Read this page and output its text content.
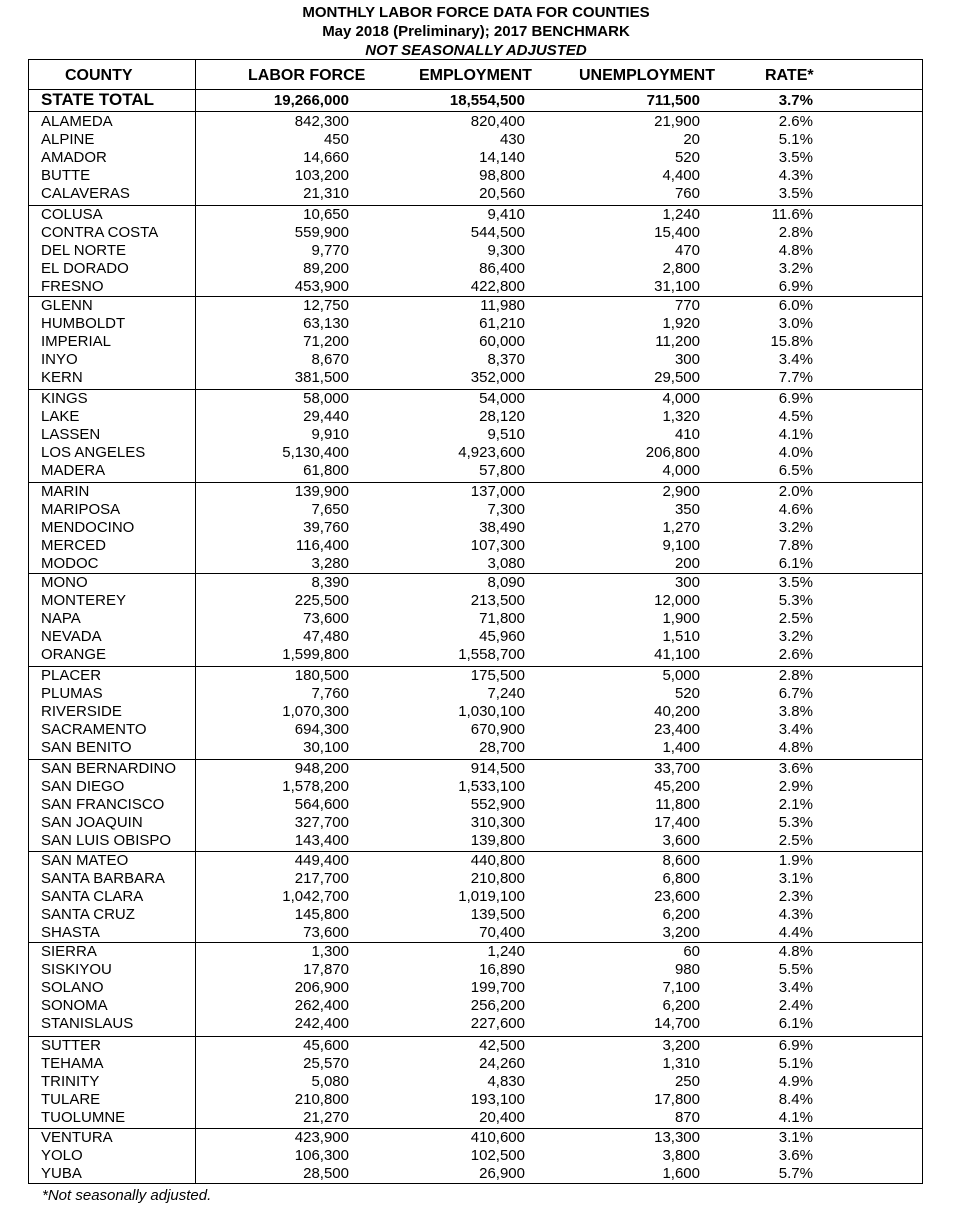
MONTHLY LABOR FORCE DATA FOR COUNTIES
May 2018 (Preliminary); 2017 BENCHMARK
NOT SEASONALLY ADJUSTED
COUNTY	LABOR FORCE	EMPLOYMENT	UNEMPLOYMENT	RATE*
STATE TOTAL	19,266,000	18,554,500	711,500	3.7%
ALAMEDA	842,300	820,400	21,900	2.6%
ALPINE	450	430	20	5.1%
AMADOR	14,660	14,140	520	3.5%
BUTTE	103,200	98,800	4,400	4.3%
CALAVERAS	21,310	20,560	760	3.5%
COLUSA	10,650	9,410	1,240	11.6%
CONTRA COSTA	559,900	544,500	15,400	2.8%
DEL NORTE	9,770	9,300	470	4.8%
EL DORADO	89,200	86,400	2,800	3.2%
FRESNO	453,900	422,800	31,100	6.9%
GLENN	12,750	11,980	770	6.0%
HUMBOLDT	63,130	61,210	1,920	3.0%
IMPERIAL	71,200	60,000	11,200	15.8%
INYO	8,670	8,370	300	3.4%
KERN	381,500	352,000	29,500	7.7%
KINGS	58,000	54,000	4,000	6.9%
LAKE	29,440	28,120	1,320	4.5%
LASSEN	9,910	9,510	410	4.1%
LOS ANGELES	5,130,400	4,923,600	206,800	4.0%
MADERA	61,800	57,800	4,000	6.5%
MARIN	139,900	137,000	2,900	2.0%
MARIPOSA	7,650	7,300	350	4.6%
MENDOCINO	39,760	38,490	1,270	3.2%
MERCED	116,400	107,300	9,100	7.8%
MODOC	3,280	3,080	200	6.1%
MONO	8,390	8,090	300	3.5%
MONTEREY	225,500	213,500	12,000	5.3%
NAPA	73,600	71,800	1,900	2.5%
NEVADA	47,480	45,960	1,510	3.2%
ORANGE	1,599,800	1,558,700	41,100	2.6%
PLACER	180,500	175,500	5,000	2.8%
PLUMAS	7,760	7,240	520	6.7%
RIVERSIDE	1,070,300	1,030,100	40,200	3.8%
SACRAMENTO	694,300	670,900	23,400	3.4%
SAN BENITO	30,100	28,700	1,400	4.8%
SAN BERNARDINO	948,200	914,500	33,700	3.6%
SAN DIEGO	1,578,200	1,533,100	45,200	2.9%
SAN FRANCISCO	564,600	552,900	11,800	2.1%
SAN JOAQUIN	327,700	310,300	17,400	5.3%
SAN LUIS OBISPO	143,400	139,800	3,600	2.5%
SAN MATEO	449,400	440,800	8,600	1.9%
SANTA BARBARA	217,700	210,800	6,800	3.1%
SANTA CLARA	1,042,700	1,019,100	23,600	2.3%
SANTA CRUZ	145,800	139,500	6,200	4.3%
SHASTA	73,600	70,400	3,200	4.4%
SIERRA	1,300	1,240	60	4.8%
SISKIYOU	17,870	16,890	980	5.5%
SOLANO	206,900	199,700	7,100	3.4%
SONOMA	262,400	256,200	6,200	2.4%
STANISLAUS	242,400	227,600	14,700	6.1%
SUTTER	45,600	42,500	3,200	6.9%
TEHAMA	25,570	24,260	1,310	5.1%
TRINITY	5,080	4,830	250	4.9%
TULARE	210,800	193,100	17,800	8.4%
TUOLUMNE	21,270	20,400	870	4.1%
VENTURA	423,900	410,600	13,300	3.1%
YOLO	106,300	102,500	3,800	3.6%
YUBA	28,500	26,900	1,600	5.7%
*Not seasonally adjusted.
